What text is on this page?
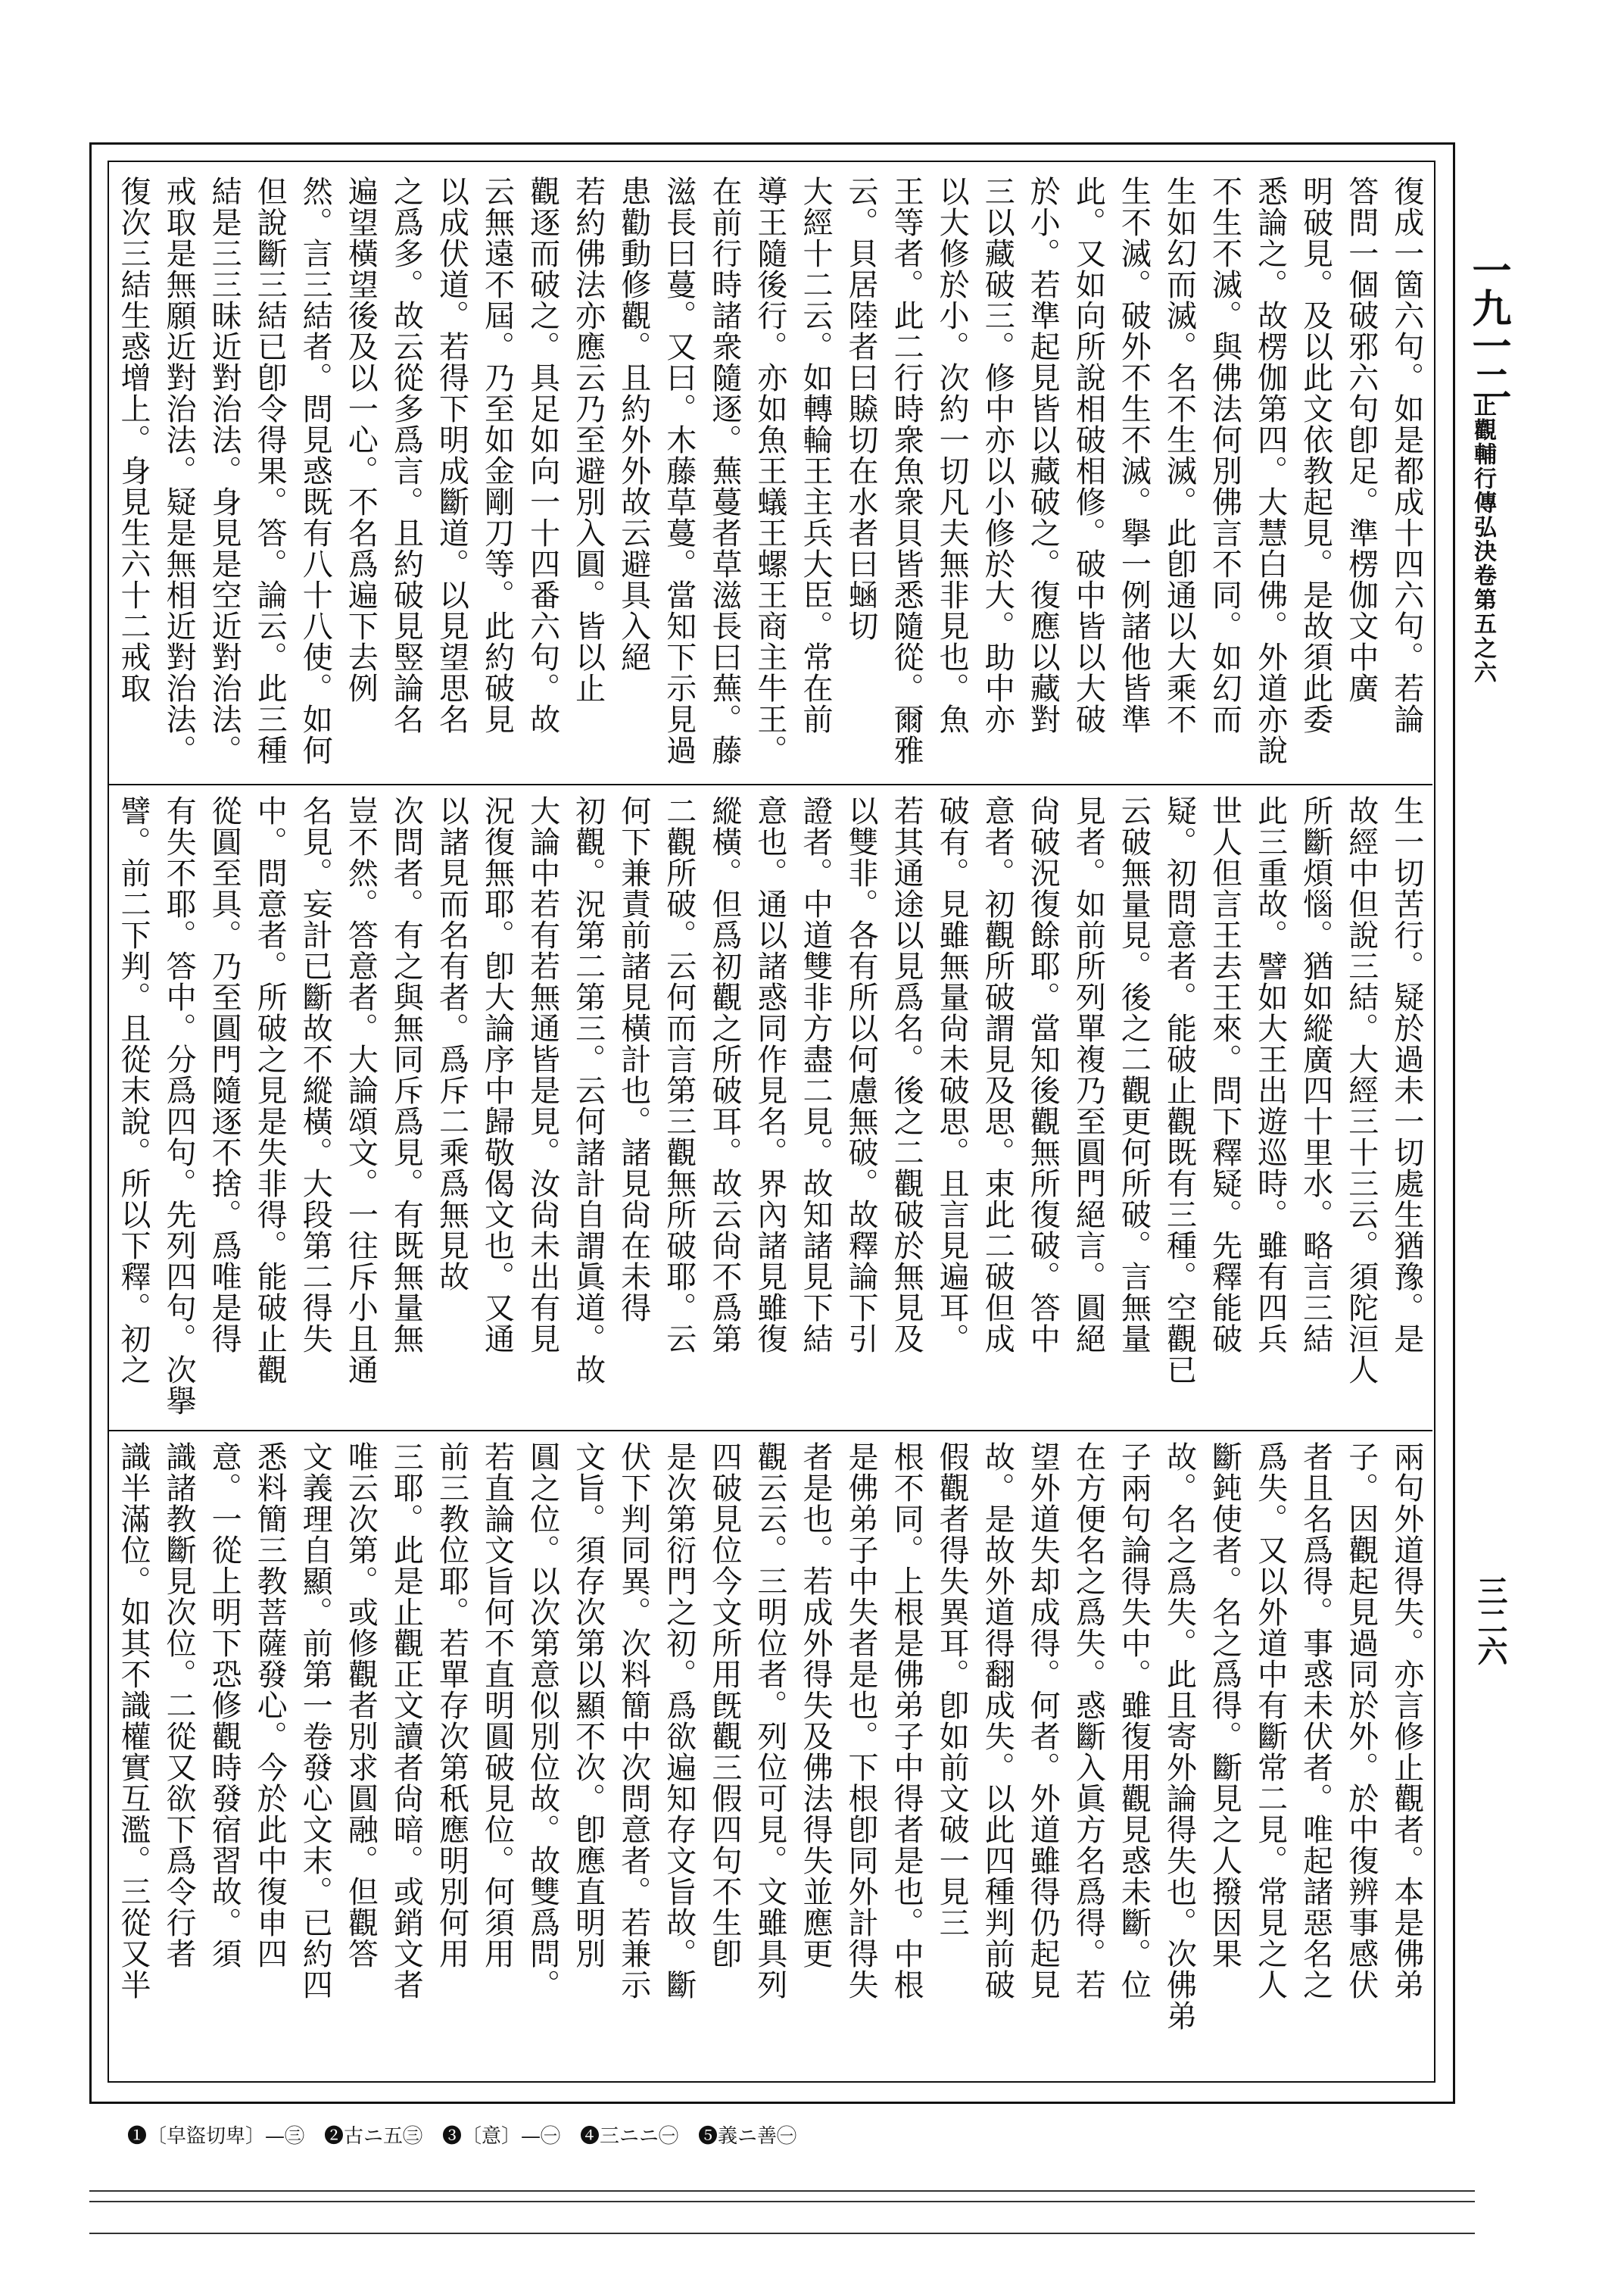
一九一二
止觀輔行傳弘決卷第五之六
三二六
復成一箇六句。如是都成十四六句。若論
答問一個破邪六句卽足。準楞伽文中廣
明破見。及以此文依教起見。是故須此委
悉論之。故楞伽第四。大慧白佛。外道亦說
不生不滅。與佛法何別佛言不同。如幻而
生如幻而滅。名不生滅。此卽通以大乘不
生不滅。破外不生不滅。擧一例諸他皆準
此。又如向所說相破相修。破中皆以大破
於小。若準起見皆以藏破之。復應以藏對
三以藏破三。修中亦以小修於大。助中亦
以大修於小。次約一切凡夫無非見也。魚
王等者。此二行時衆魚衆貝皆悉隨從。爾雅
云。貝居陸者曰贆切在水者曰蜬切
大經十二云。如轉輪王主兵大臣。常在前
導王隨後行。亦如魚王蟻王螺王商主牛王。
在前行時諸衆隨逐。蕪蔓者草滋長曰蕪。藤
滋長曰蔓。又曰。木藤草蔓。當知下示見過
患勸動修觀。且約外外故云避具入絕
若約佛法亦應云乃至避別入圓。皆以止
觀逐而破之。具足如向一十四番六句。故
云無遠不屆。乃至如金剛刀等。此約破見
以成伏道。若得下明成斷道。以見望思名
之爲多。故云從多爲言。且約破見竪論名
遍望橫望後及以一心。不名爲遍下去例
然。言三結者。問見惑既有八十八使。如何
但說斷三結已卽令得果。答。論云。此三種
結是三三昧近對治法。身見是空近對治法。
戒取是無願近對治法。疑是無相近對治法。
復次三結生惑增上。身見生六十二戒取
生一切苦行。疑於過未一切處生猶豫。是
故經中但說三結。大經三十三云。須陀洹人
所斷煩惱。猶如縱廣四十里水。略言三結
此三重故。譬如大王出遊巡時。雖有四兵
世人但言王去王來。問下釋疑。先釋能破
疑。初問意者。能破止觀既有三種。空觀已
云破無量見。後之二觀更何所破。言無量
見者。如前所列單複乃至圓門絕言。圓絕
尙破況復餘耶。當知後觀無所復破。答中
意者。初觀所破謂見及思。束此二破但成
破有。見雖無量尙未破思。且言見遍耳。
若其通途以見爲名。後之二觀破於無見及
以雙非。各有所以何慮無破。故釋論下引
證者。中道雙非方盡二見。故知諸見下結
意也。通以諸惑同作見名。界內諸見雖復
縱橫。但爲初觀之所破耳。故云尙不爲第
二觀所破。云何而言第三觀無所破耶。云
何下兼責前諸見橫計也。諸見尙在未得
初觀。況第二第三。云何諸計自謂眞道。故
大論中若有若無通皆是見。汝尙未出有見
況復無耶。卽大論序中歸敬偈文也。又通
以諸見而名有者。爲斥二乘爲無見故
次問者。有之與無同斥爲見。有既無量無
豈不然。答意者。大論頌文。一往斥小且通
名見。妄計已斷故不縱橫。大段第二得失
中。問意者。所破之見是失非得。能破止觀
從圓至具。乃至圓門隨逐不捨。爲唯是得
有失不耶。答中。分爲四句。先列四句。次擧
譬。前二下判。且從末說。所以下釋。初之
兩句外道得失。亦言修止觀者。本是佛弟
子。因觀起見過同於外。於中復辨事感伏
者且名爲得。事惑未伏者。唯起諸惡名之
爲失。又以外道中有斷常二見。常見之人
斷鈍使者。名之爲得。斷見之人撥因果
故。名之爲失。此且寄外論得失也。次佛弟
子兩句論得失中。雖復用觀見惑未斷。位
在方便名之爲失。惑斷入眞方名爲得。若
望外道失却成得。何者。外道雖得仍起見
故。是故外道得翻成失。以此四種判前破
假觀者得失異耳。卽如前文破一見三
根不同。上根是佛弟子中得者是也。中根
是佛弟子中失者是也。下根卽同外計得失
者是也。若成外得失及佛法得失並應更
觀云云。三明位者。列位可見。文雖具列
四破見位今文所用旣觀三假四句不生卽
是次第衍門之初。爲欲遍知存文旨故。斷
伏下判同異。次料簡中次問意者。若兼示
文旨。須存次第以顯不次。卽應直明別
圓之位。以次第意似別位故。故雙爲問。
若直論文旨何不直明圓破見位。何須用
前三教位耶。若單存次第秖應明別何用
三耶。此是止觀正文讀者尙暗。或銷文者
唯云次第。或修觀者別求圓融。但觀答
文義理自顯。前第一卷發心文末。已約四
悉料簡三教菩薩發心。今於此中復申四
意。一從上明下恐修觀時發宿習故。須
識諸教斷見次位。二從又欲下爲令行者
識半滿位。如其不識權實互濫。三從又半
❶〔皁盜切卑〕—㊂　❷古ニ五㊂　❸〔意〕—㊀　❹三ニニ㊀　❺義ニ善㊀
